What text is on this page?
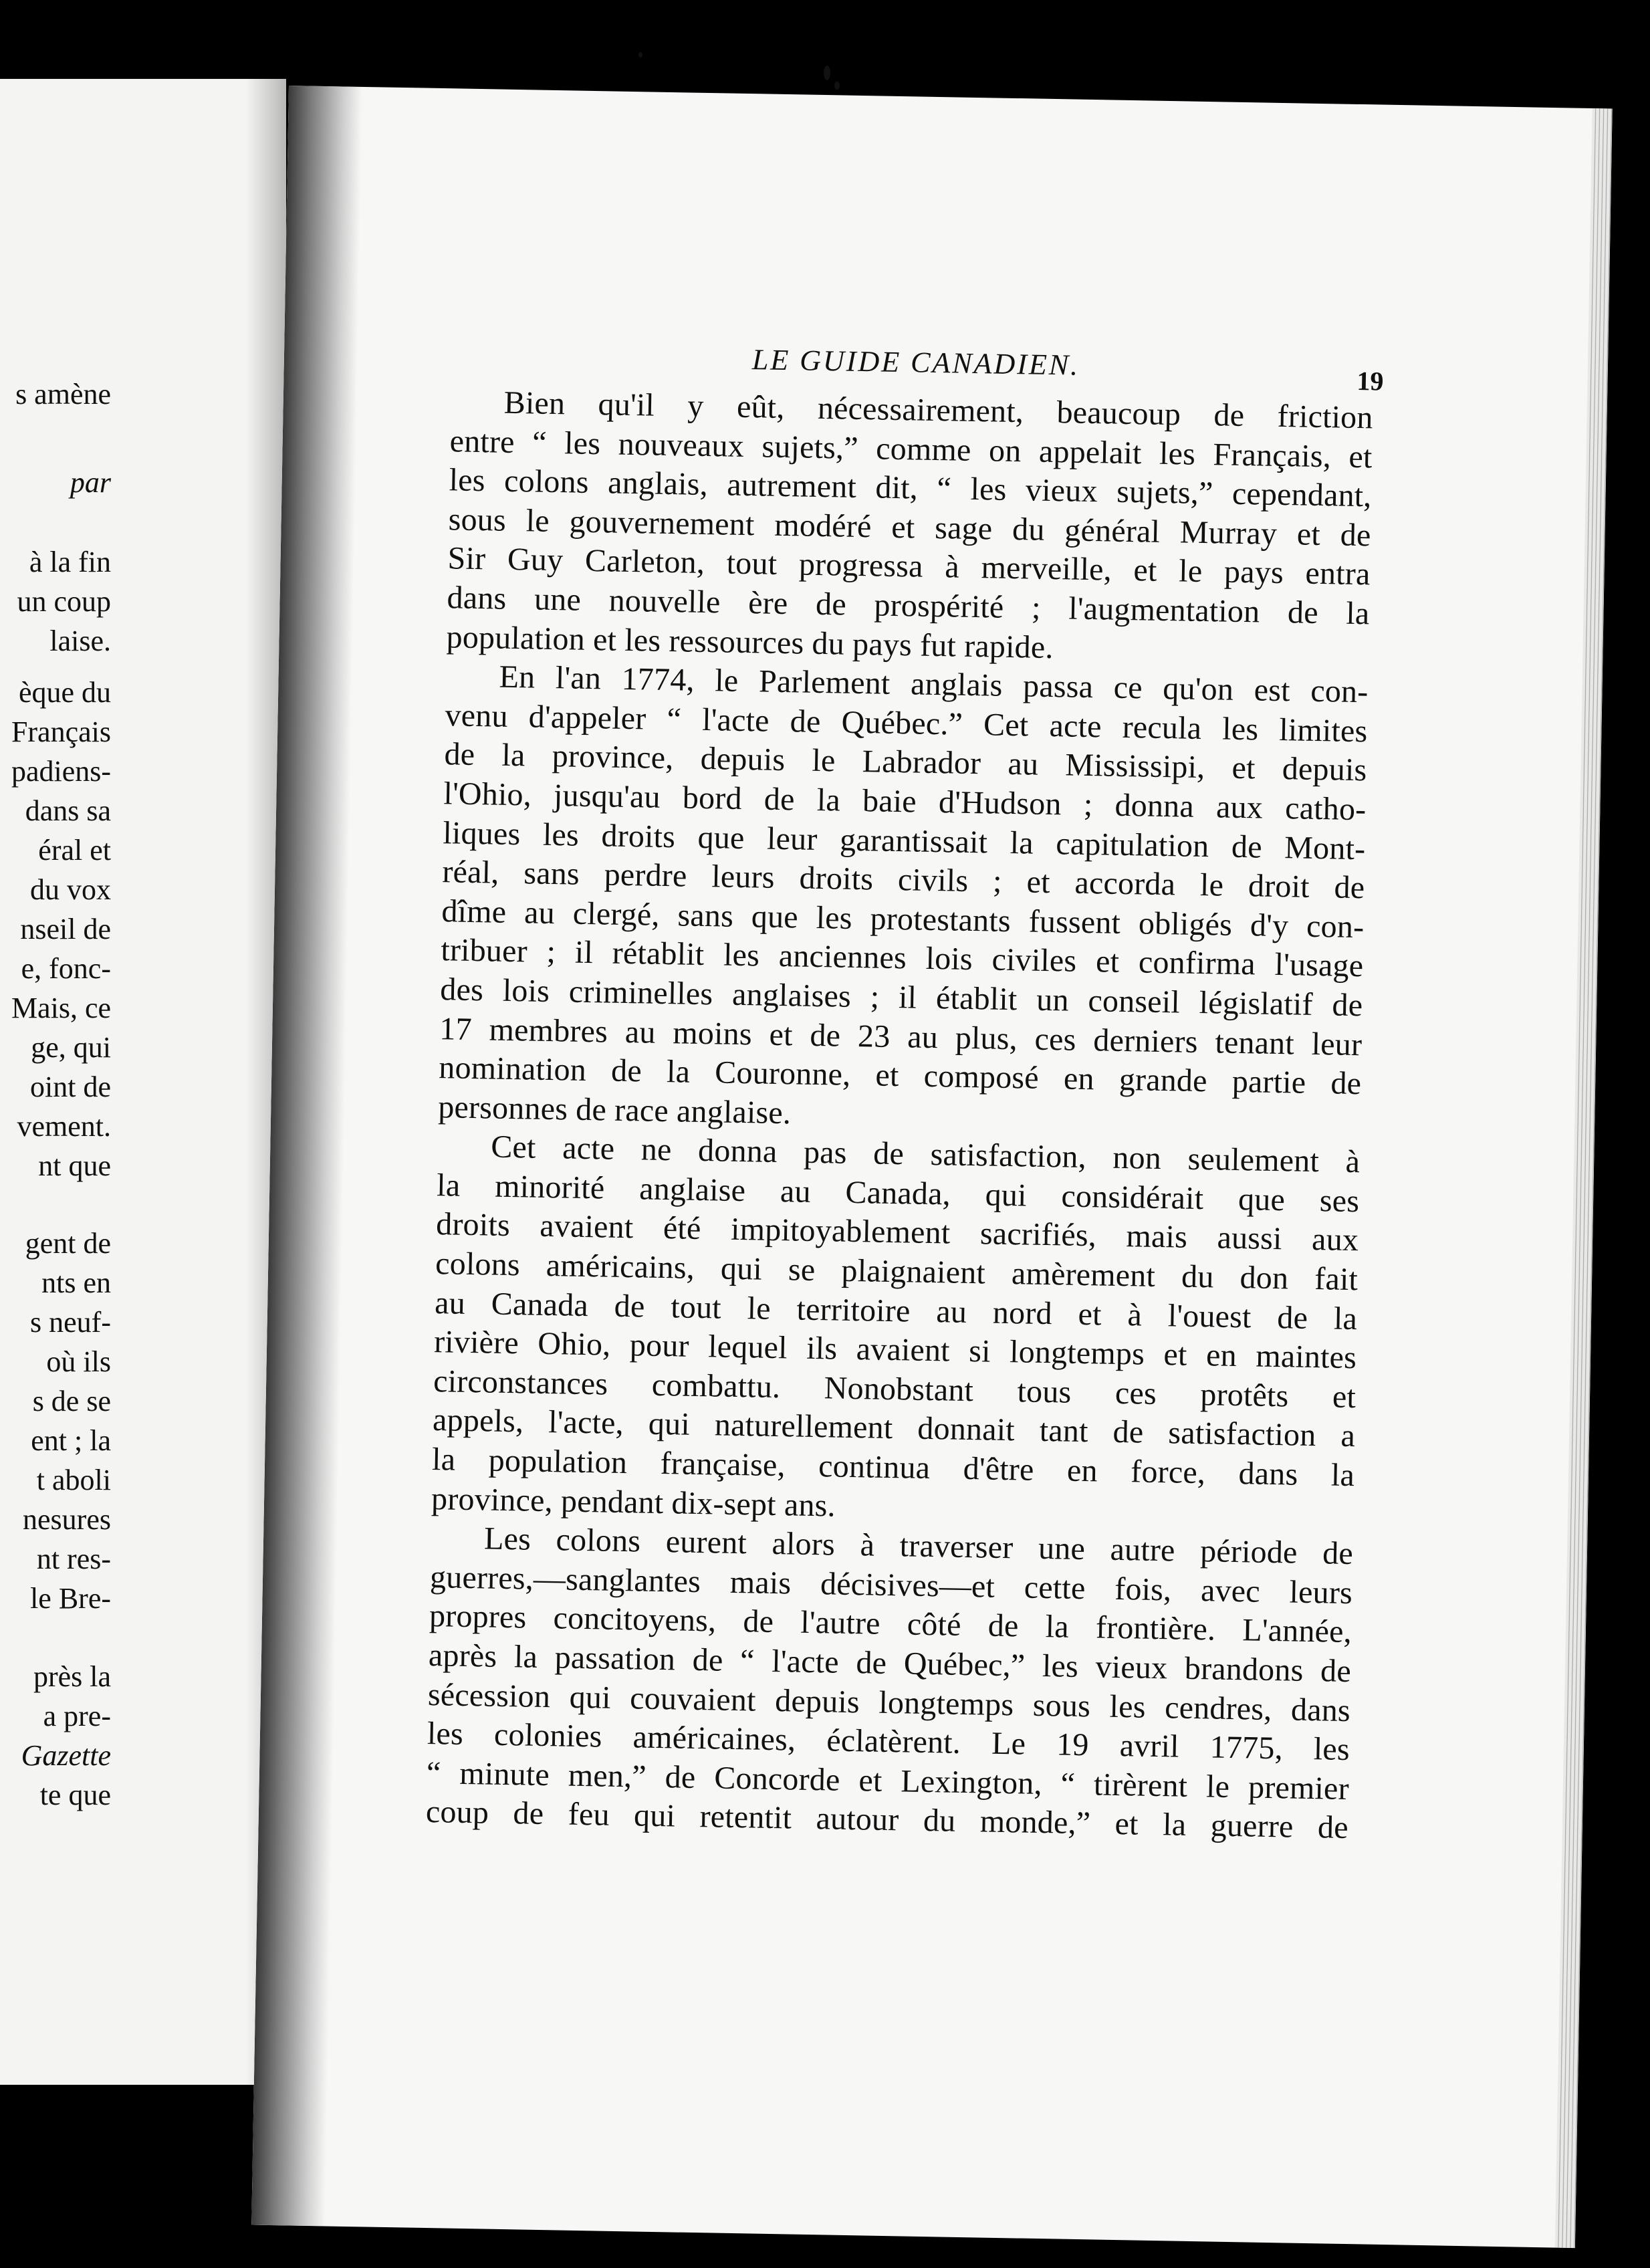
s amène
par
à la fin
un coup
laise.
èque du
Français
padiens-
dans sa
éral et
du vox
nseil de
e, fonc-
Mais, ce
ge, qui
oint de
vement.
nt que
gent de
nts en
s neuf-
où ils
s de se
ent ; la
t aboli
nesures
nt res-
le Bre-
près la
a pre-
Gazette
te que
LE GUIDE CANADIEN.	19
Bien qu'il y eût, nécessairement, beaucoup de friction
entre “ les nouveaux sujets,” comme on appelait les Français, et
les colons anglais, autrement dit, “ les vieux sujets,” cependant,
sous le gouvernement modéré et sage du général Murray et de
Sir Guy Carleton, tout progressa à merveille, et le pays entra
dans une nouvelle ère de prospérité ; l'augmentation de la
population et les ressources du pays fut rapide.
En l'an 1774, le Parlement anglais passa ce qu'on est con-
venu d'appeler “ l'acte de Québec.” Cet acte recula les limites
de la province, depuis le Labrador au Mississipi, et depuis
l'Ohio, jusqu'au bord de la baie d'Hudson ; donna aux catho-
liques les droits que leur garantissait la capitulation de Mont-
réal, sans perdre leurs droits civils ; et accorda le droit de
dîme au clergé, sans que les protestants fussent obligés d'y con-
tribuer ; il rétablit les anciennes lois civiles et confirma l'usage
des lois criminelles anglaises ; il établit un conseil législatif de
17 membres au moins et de 23 au plus, ces derniers tenant leur
nomination de la Couronne, et composé en grande partie de
personnes de race anglaise.
Cet acte ne donna pas de satisfaction, non seulement à
la minorité anglaise au Canada, qui considérait que ses
droits avaient été impitoyablement sacrifiés, mais aussi aux
colons américains, qui se plaignaient amèrement du don fait
au Canada de tout le territoire au nord et à l'ouest de la
rivière Ohio, pour lequel ils avaient si longtemps et en maintes
circonstances combattu. Nonobstant tous ces protêts et
appels, l'acte, qui naturellement donnait tant de satisfaction a
la population française, continua d'être en force, dans la
province, pendant dix-sept ans.
Les colons eurent alors à traverser une autre période de
guerres,—sanglantes mais décisives—et cette fois, avec leurs
propres concitoyens, de l'autre côté de la frontière. L'année,
après la passation de “ l'acte de Québec,” les vieux brandons de
sécession qui couvaient depuis longtemps sous les cendres, dans
les colonies américaines, éclatèrent. Le 19 avril 1775, les
“ minute men,” de Concorde et Lexington, “ tirèrent le premier
coup de feu qui retentit autour du monde,” et la guerre de
